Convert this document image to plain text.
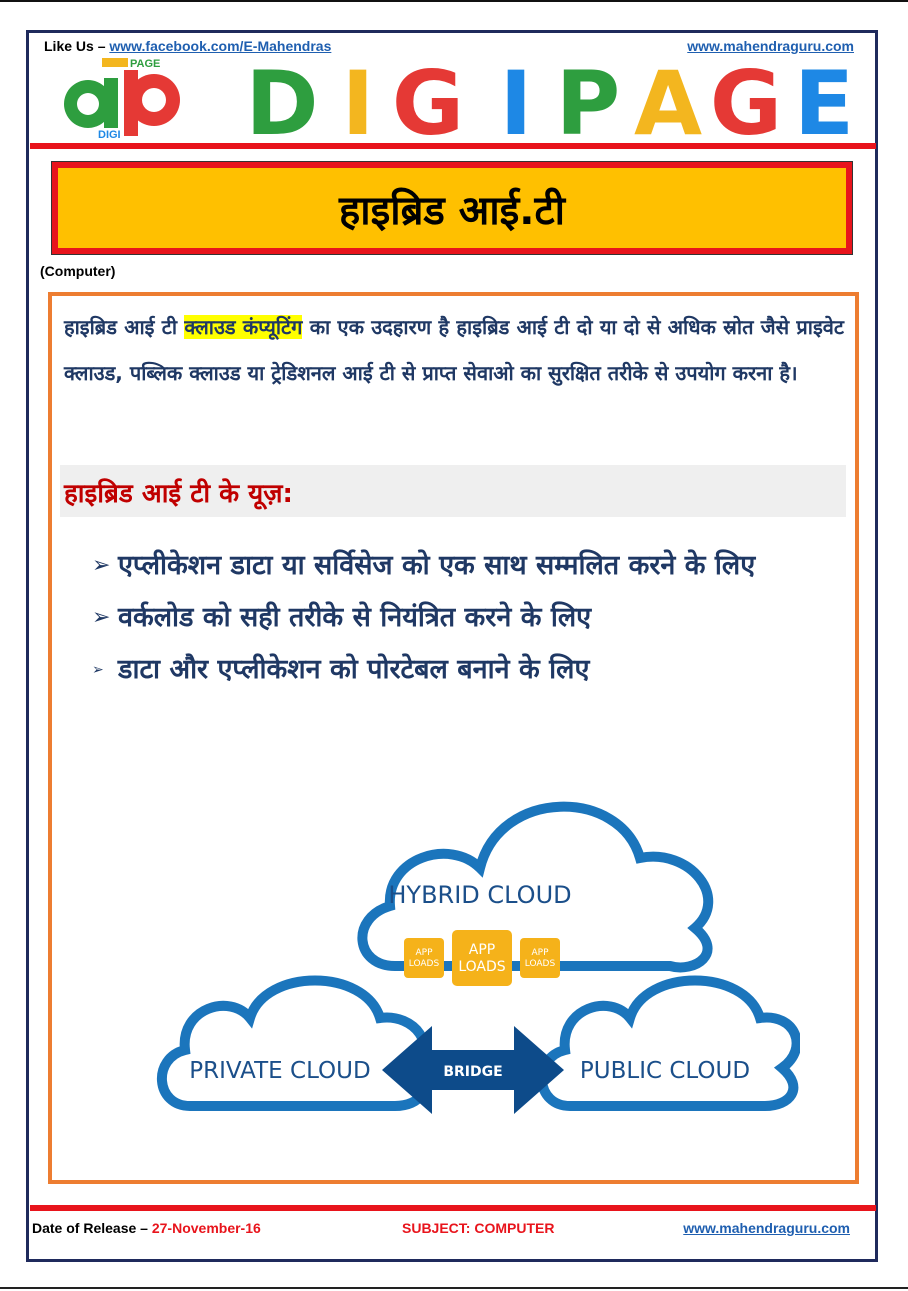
Like Us – www.facebook.com/E-Mahendras	www.mahendraguru.com
PAGE
DIGI D I G I P A G E
हाइब्रिड आई.टी
(Computer)
हाइब्रिड आई टी क्लाउड कंप्यूटिंग का एक उदहारण है हाइब्रिड आई टी दो या दो से अधिक स्रोत जैसे प्राइवेट क्लाउड, पब्लिक क्लाउड या ट्रेडिशनल आई टी से प्राप्त सेवाओ का सुरक्षित तरीके से उपयोग करना है।
हाइब्रिड आई टी के यूज़:
➢ एप्लीकेशन डाटा या सर्विसेज को एक साथ सम्मलित करने के लिए
➢ वर्कलोड को सही तरीके से नियंत्रित करने के लिए
➢ डाटा और एप्लीकेशन को पोरटेबल बनाने के लिए
HYBRID CLOUD
APP
LOADS
APP
LOADS
APP
LOADS
PRIVATE CLOUD	PUBLIC CLOUD
BRIDGE
Date of Release – 27-November-16	SUBJECT: COMPUTER	www.mahendraguru.com
